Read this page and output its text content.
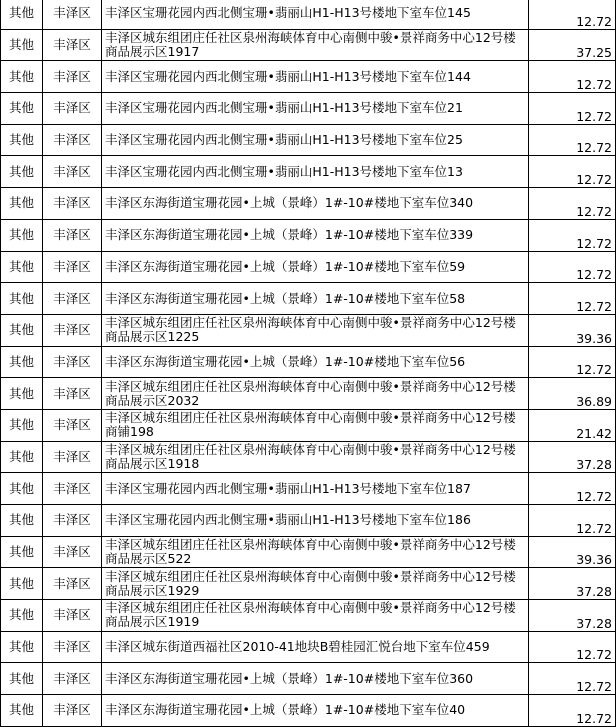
其他	丰泽区	丰泽区宝珊花园内西北侧宝珊•翡丽山H1-H13号楼地下室车位145	12.72
其他	丰泽区	丰泽区城东组团庄任社区泉州海峡体育中心南侧中骏•景祥商务中心12号楼商品展示区1917	37.25
其他	丰泽区	丰泽区宝珊花园内西北侧宝珊•翡丽山H1-H13号楼地下室车位144	12.72
其他	丰泽区	丰泽区宝珊花园内西北侧宝珊•翡丽山H1-H13号楼地下室车位21	12.72
其他	丰泽区	丰泽区宝珊花园内西北侧宝珊•翡丽山H1-H13号楼地下室车位25	12.72
其他	丰泽区	丰泽区宝珊花园内西北侧宝珊•翡丽山H1-H13号楼地下室车位13	12.72
其他	丰泽区	丰泽区东海街道宝珊花园•上城（景峰）1#-10#楼地下室车位340	12.72
其他	丰泽区	丰泽区东海街道宝珊花园•上城（景峰）1#-10#楼地下室车位339	12.72
其他	丰泽区	丰泽区东海街道宝珊花园•上城（景峰）1#-10#楼地下室车位59	12.72
其他	丰泽区	丰泽区东海街道宝珊花园•上城（景峰）1#-10#楼地下室车位58	12.72
其他	丰泽区	丰泽区城东组团庄任社区泉州海峡体育中心南侧中骏•景祥商务中心12号楼商品展示区1225	39.36
其他	丰泽区	丰泽区东海街道宝珊花园•上城（景峰）1#-10#楼地下室车位56	12.72
其他	丰泽区	丰泽区城东组团庄任社区泉州海峡体育中心南侧中骏•景祥商务中心12号楼商品展示区2032	36.89
其他	丰泽区	丰泽区城东组团庄任社区泉州海峡体育中心南侧中骏•景祥商务中心12号楼商铺198	21.42
其他	丰泽区	丰泽区城东组团庄任社区泉州海峡体育中心南侧中骏•景祥商务中心12号楼商品展示区1918	37.28
其他	丰泽区	丰泽区宝珊花园内西北侧宝珊•翡丽山H1-H13号楼地下室车位187	12.72
其他	丰泽区	丰泽区宝珊花园内西北侧宝珊•翡丽山H1-H13号楼地下室车位186	12.72
其他	丰泽区	丰泽区城东组团庄任社区泉州海峡体育中心南侧中骏•景祥商务中心12号楼商品展示区522	39.36
其他	丰泽区	丰泽区城东组团庄任社区泉州海峡体育中心南侧中骏•景祥商务中心12号楼商品展示区1929	37.28
其他	丰泽区	丰泽区城东组团庄任社区泉州海峡体育中心南侧中骏•景祥商务中心12号楼商品展示区1919	37.28
其他	丰泽区	丰泽区城东街道西福社区2010-41地块B碧桂园汇悦台地下室车位459	12.72
其他	丰泽区	丰泽区东海街道宝珊花园•上城（景峰）1#-10#楼地下室车位360	12.72
其他	丰泽区	丰泽区东海街道宝珊花园•上城（景峰）1#-10#楼地下室车位40	12.72
